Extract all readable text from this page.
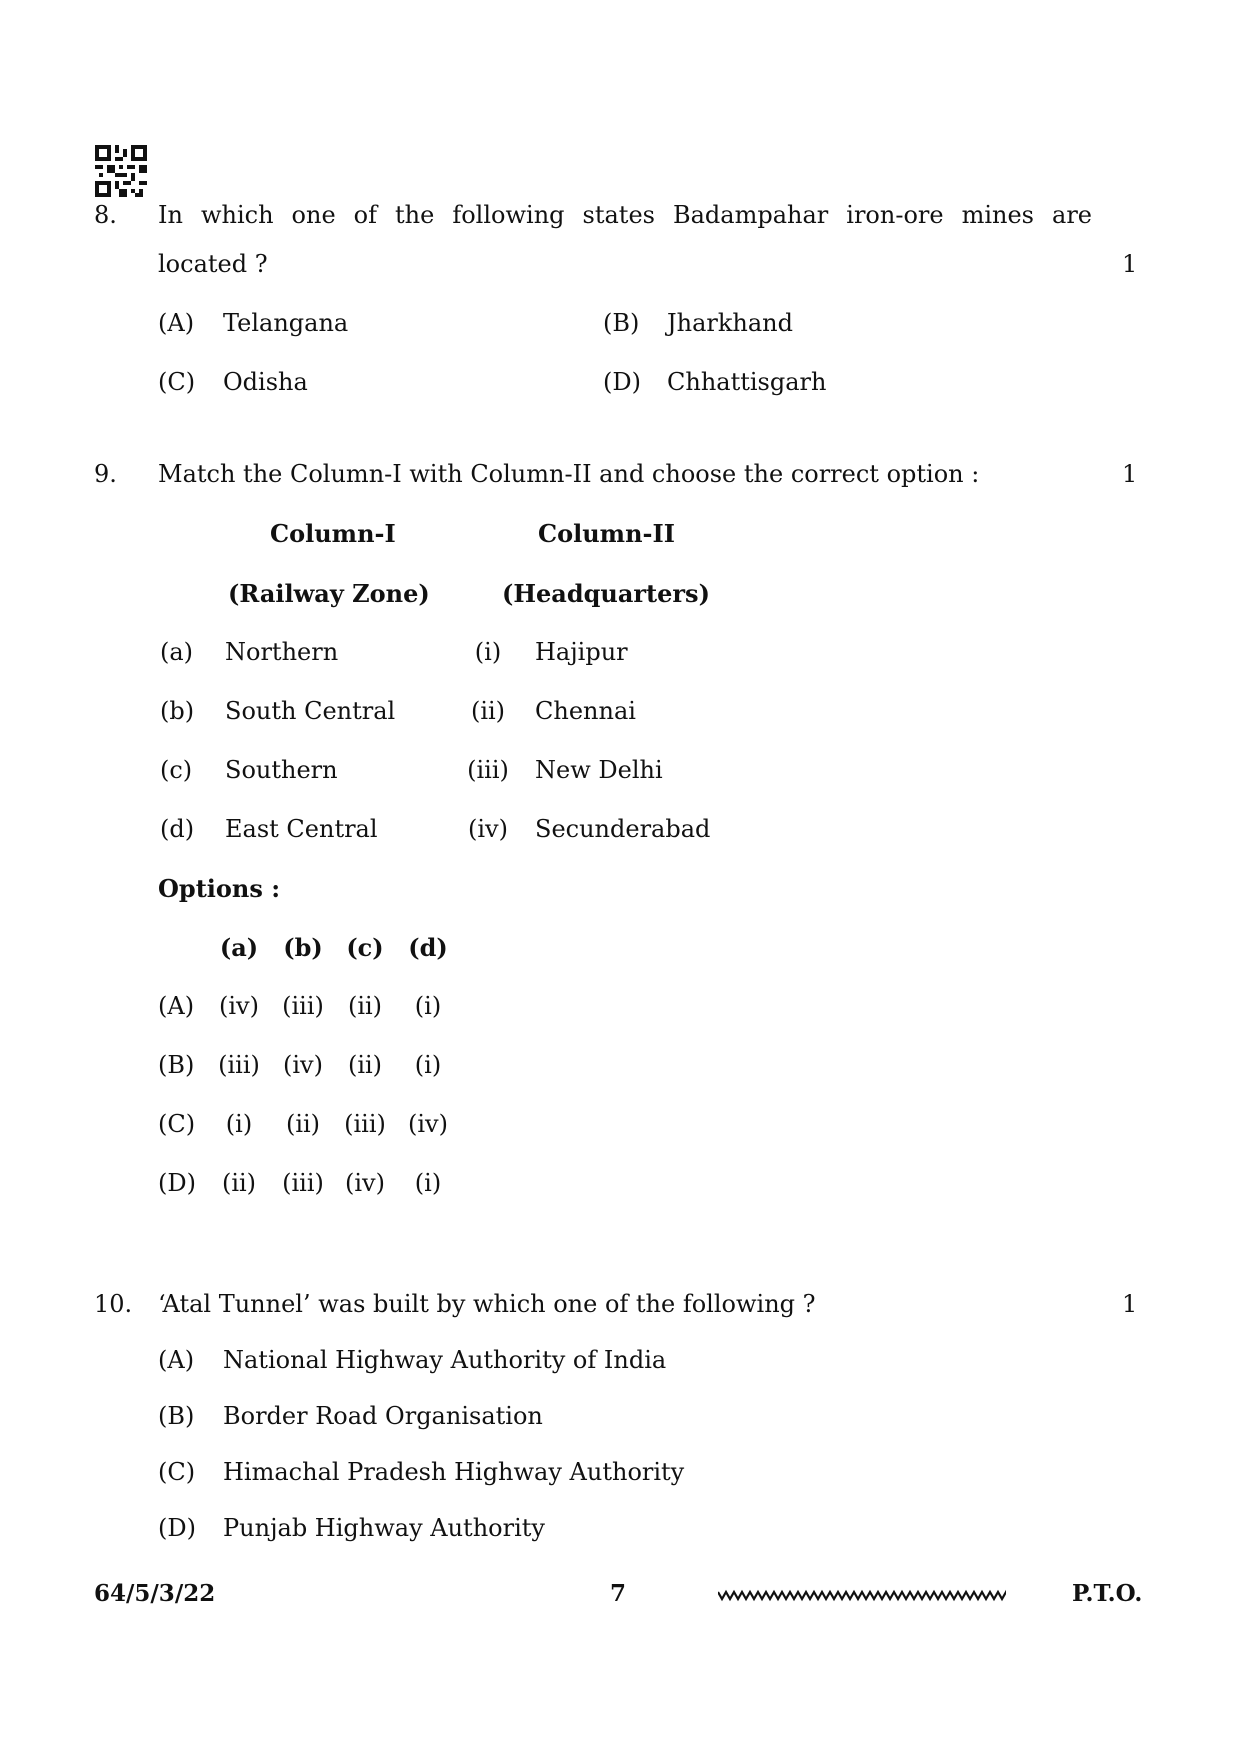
8. In which one of the following states Badampahar iron-ore mines are
located ?	1
(A) Telangana	(B) Jharkhand
(C) Odisha	(D) Chhattisgarh
9. Match the Column-I with Column-II and choose the correct option :	1
Column-I	Column-II
(Railway Zone)	(Headquarters)
(a) Northern	(i)	Hajipur
(b) South Central	(ii)	Chennai
(c) Southern	(iii) New Delhi
(d) East Central	(iv)	Secunderabad
Options :
(a) (b) (c) (d)
(A)	(iv) (iii)	(ii)	(i)
(B) (iii) (iv)	(ii)	(i)
(C)	(i)	(ii)	(iii) (iv)
(D)	(ii)	(iii) (iv)	(i)
10. ‘Atal Tunnel’ was built by which one of the following ?	1
(A) National Highway Authority of India
(B) Border Road Organisation
(C) Himachal Pradesh Highway Authority
(D) Punjab Highway Authority
64/5/3/22	7	P.T.O.
